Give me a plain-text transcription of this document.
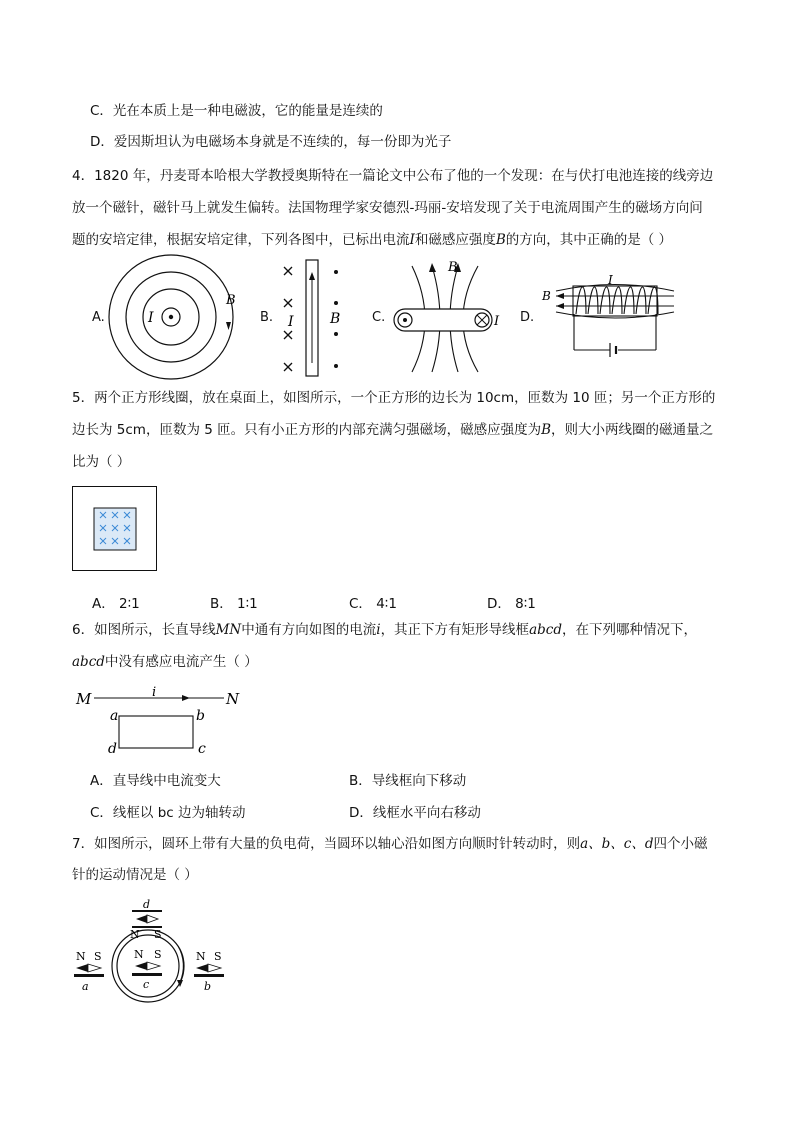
C．光在本质上是一种电磁波，它的能量是连续的
D．爱因斯坦认为电磁场本身就是不连续的，每一份即为光子
4．1820 年，丹麦哥本哈根大学教授奥斯特在一篇论文中公布了他的一个发现：在与伏打电池连接的线旁边
放一个磁针，磁针马上就发生偏转。法国物理学家安德烈-玛丽-安培发现了关于电流周围产生的磁场方向问
题的安培定律，根据安培定律，下列各图中，已标出电流I和磁感应强度B的方向，其中正确的是（ ）
A.	B.	C.	D.
I
B
I	B	I
B
I
B
5．两个正方形线圈，放在桌面上，如图所示，一个正方形的边长为 10cm，匝数为 10 匝；另一个正方形的
边长为 5cm，匝数为 5 匝。只有小正方形的内部充满匀强磁场，磁感应强度为B，则大小两线圈的磁通量之
比为（ ）
A． 2∶1	B． 1∶1	C． 4∶1	D． 8∶1
6．如图所示，长直导线MN中通有方向如图的电流i，其正下方有矩形导线框abcd，在下列哪种情况下，
abcd中没有感应电流产生（ ）
M	N
i
a	b
c
d
A．直导线中电流变大	B．导线框向下移动
C．线框以 bc 边为轴转动	D．线框水平向右移动
7．如图所示，圆环上带有大量的负电荷，当圆环以轴心沿如图方向顺时针转动时，则a、b、c、d四个小磁
针的运动情况是（ ）
d
N S
N S
c
N S
a
N S
b
